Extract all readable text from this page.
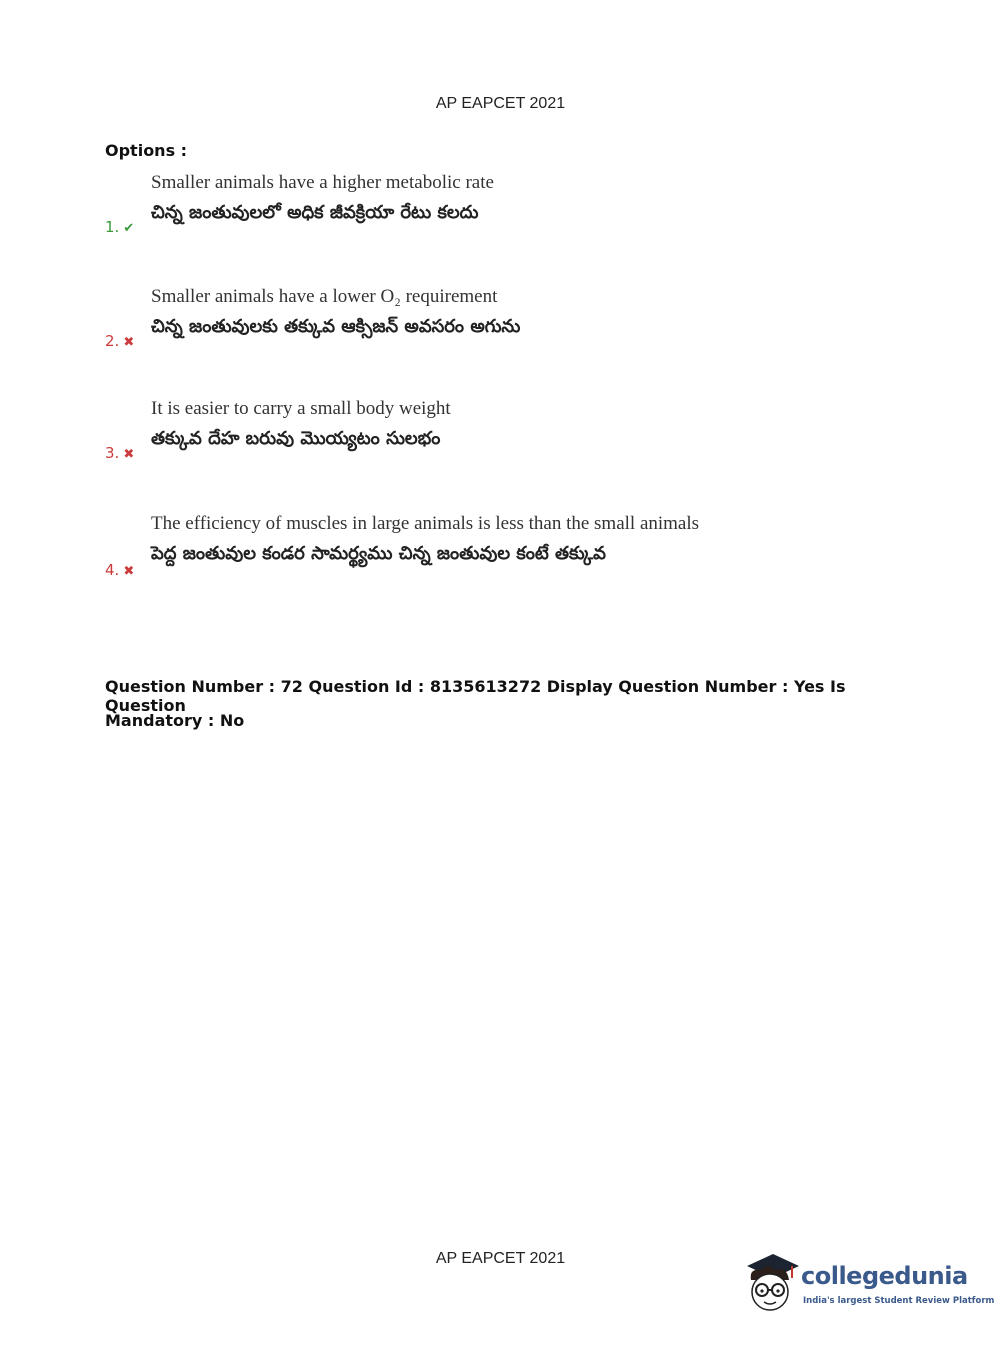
AP EAPCET 2021
Options :
Smaller animals have a higher metabolic rate
చిన్న జంతువులలో అధిక జీవక్రియా రేటు కలదు
1. ✔
Smaller animals have a lower O₂ requirement
చిన్న జంతువులకు తక్కువ ఆక్సిజన్ అవసరం అగును
2. ✖
It is easier to carry a small body weight
తక్కువ దేహ బరువు మొయ్యటం సులభం
3. ✖
The efficiency of muscles in large animals is less than the small animals
పెద్ద జంతువుల కండర సామర్థ్యము చిన్న జంతువుల కంటే తక్కువ
4. ✖
Question Number : 72 Question Id : 8135613272 Display Question Number : Yes Is Question
Mandatory : No
AP EAPCET 2021
collegedunia
India's largest Student Review Platform
